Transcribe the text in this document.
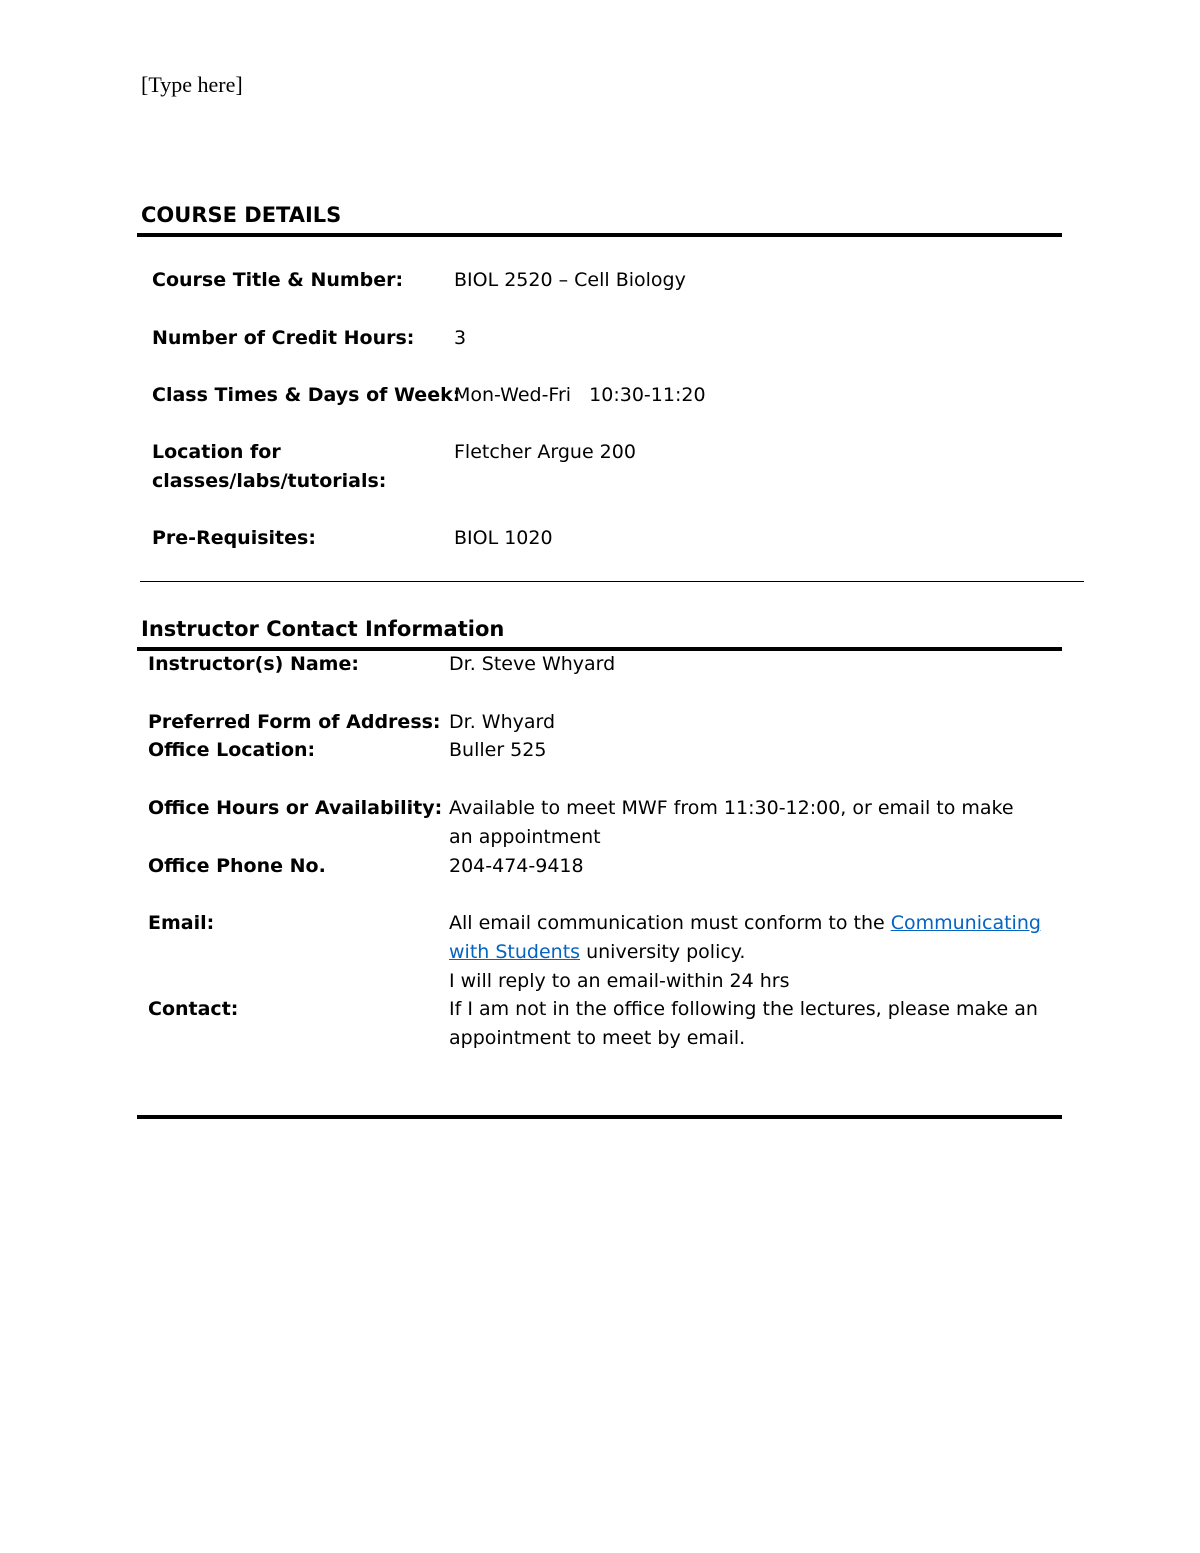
[Type here]
COURSE DETAILS
Course Title & Number:	BIOL 2520 – Cell Biology
Number of Credit Hours: 3
Class Times & Days of Week:
Mon-Wed-Fri   10:30-11:20
Location for classes/labs/tutorials:
Fletcher Argue 200
Pre-Requisites:	BIOL 1020
Instructor Contact Information
Instructor(s) Name:	Dr. Steve Whyard
Preferred Form of Address: Dr. Whyard
Office Location:	Buller 525
Office Hours or Availability: Available to meet MWF from 11:30-12:00, or email to make an appointment
Office Phone No.	204-474-9418
Email:	All email communication must conform to the Communicating with Students university policy.
I will reply to an email-within 24 hrs
Contact:	If I am not in the office following the lectures, please make an appointment to meet by email.
